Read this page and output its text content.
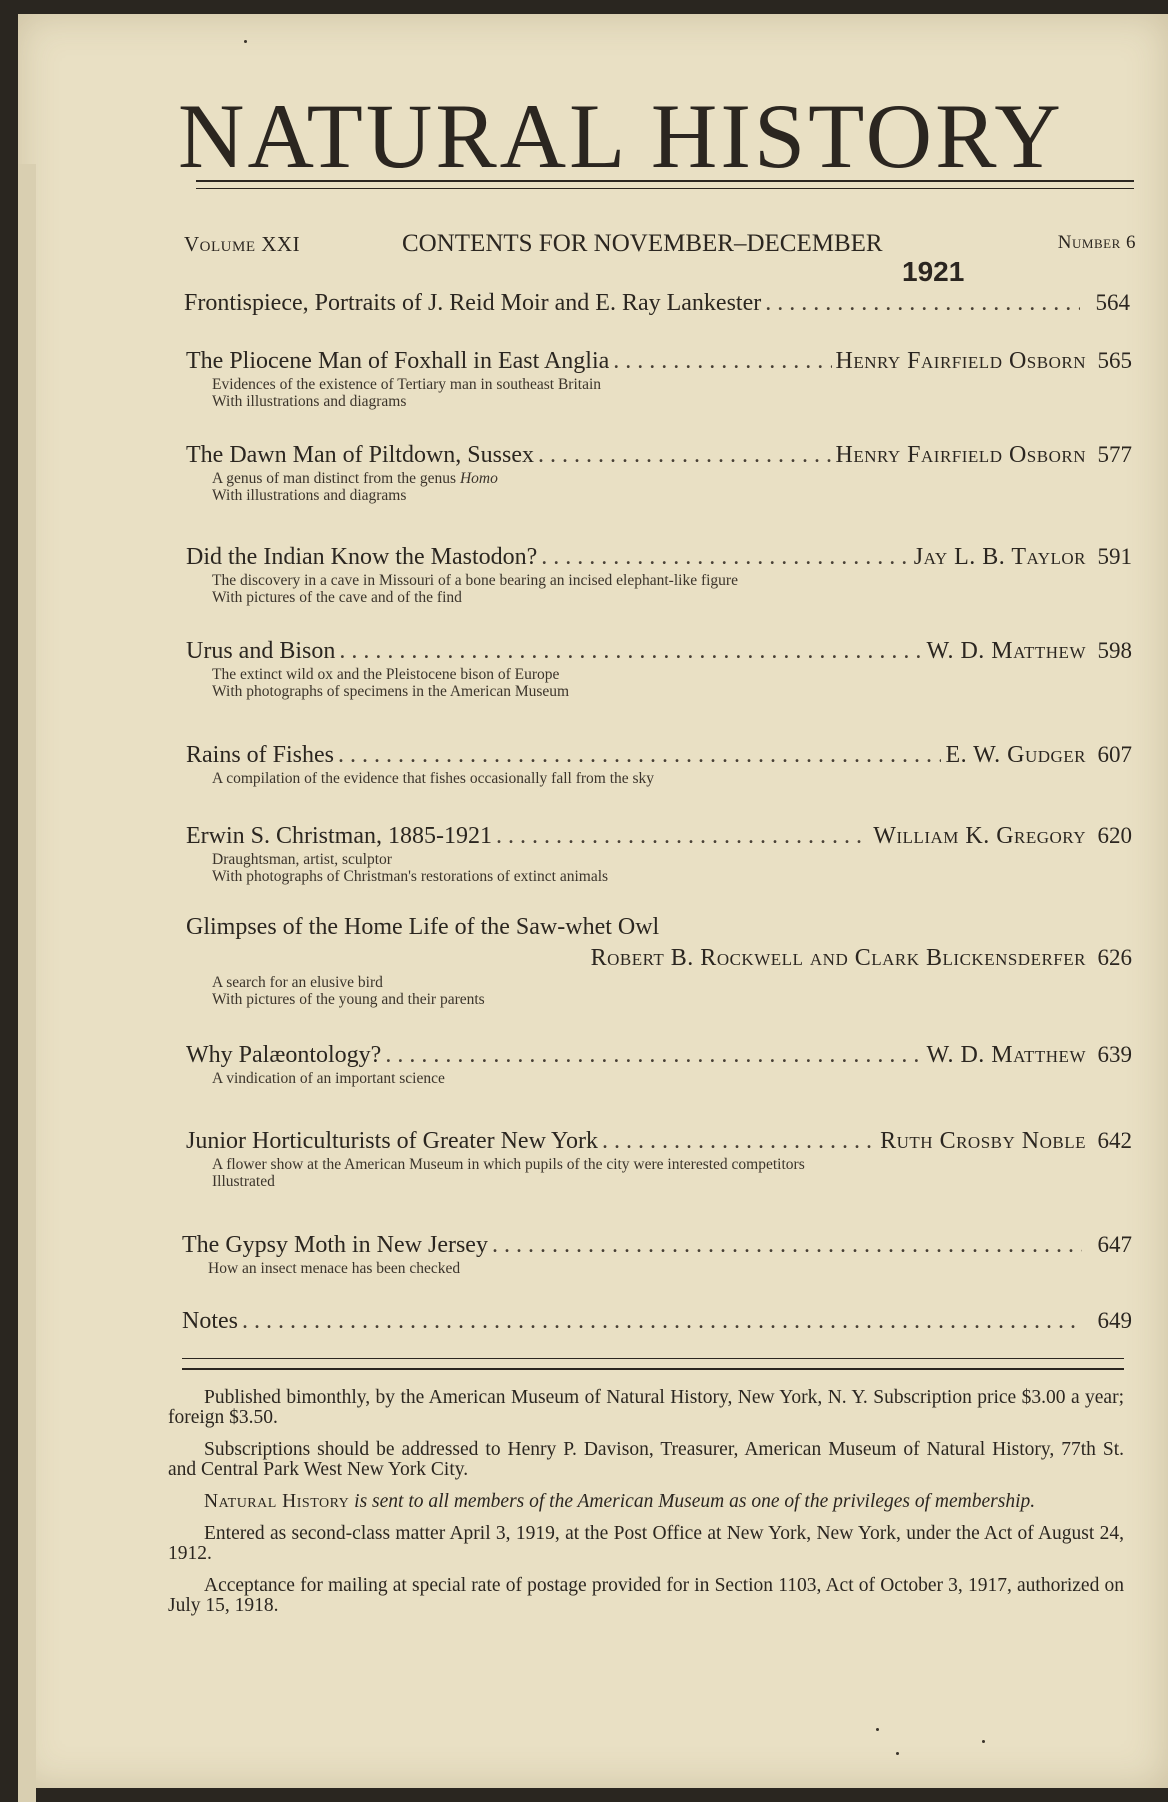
NATURAL HISTORY
Volume XXI	CONTENTS FOR NOVEMBER–DECEMBER	Number 6
1921
Frontispiece, Portraits of J. Reid Moir and E. Ray Lankester . . .	564
The Pliocene Man of Foxhall in East Anglia . . .	Henry Fairfield Osborn 565
Evidences of the existence of Tertiary man in southeast Britain
With illustrations and diagrams
The Dawn Man of Piltdown, Sussex . . .	Henry Fairfield Osborn 577
A genus of man distinct from the genus Homo
With illustrations and diagrams
Did the Indian Know the Mastodon? . . .	Jay L. B. Taylor 591
The discovery in a cave in Missouri of a bone bearing an incised elephant-like figure
With pictures of the cave and of the find
Urus and Bison . . .	W. D. Matthew 598
The extinct wild ox and the Pleistocene bison of Europe
With photographs of specimens in the American Museum
Rains of Fishes . . .	E. W. Gudger 607
A compilation of the evidence that fishes occasionally fall from the sky
Erwin S. Christman, 1885-1921 . . .	William K. Gregory 620
Draughtsman, artist, sculptor
With photographs of Christman's restorations of extinct animals
Glimpses of the Home Life of the Saw-whet Owl
Robert B. Rockwell and Clark Blickensderfer 626
A search for an elusive bird
With pictures of the young and their parents
Why Palæontology? . . .	W. D. Matthew 639
A vindication of an important science
Junior Horticulturists of Greater New York . . .	Ruth Crosby Noble 642
A flower show at the American Museum in which pupils of the city were interested competitors
Illustrated
The Gypsy Moth in New Jersey . . .	647
How an insect menace has been checked
Notes . . .	649

Published bimonthly, by the American Museum of Natural History, New York, N. Y. Subscription price $3.00 a year; foreign $3.50.

Subscriptions should be addressed to Henry P. Davison, Treasurer, American Museum of Natural History, 77th St. and Central Park West New York City.

Natural History is sent to all members of the American Museum as one of the privileges of membership.

Entered as second-class matter April 3, 1919, at the Post Office at New York, New York, under the Act of August 24, 1912.

Acceptance for mailing at special rate of postage provided for in Section 1103, Act of October 3, 1917, authorized on July 15, 1918.
